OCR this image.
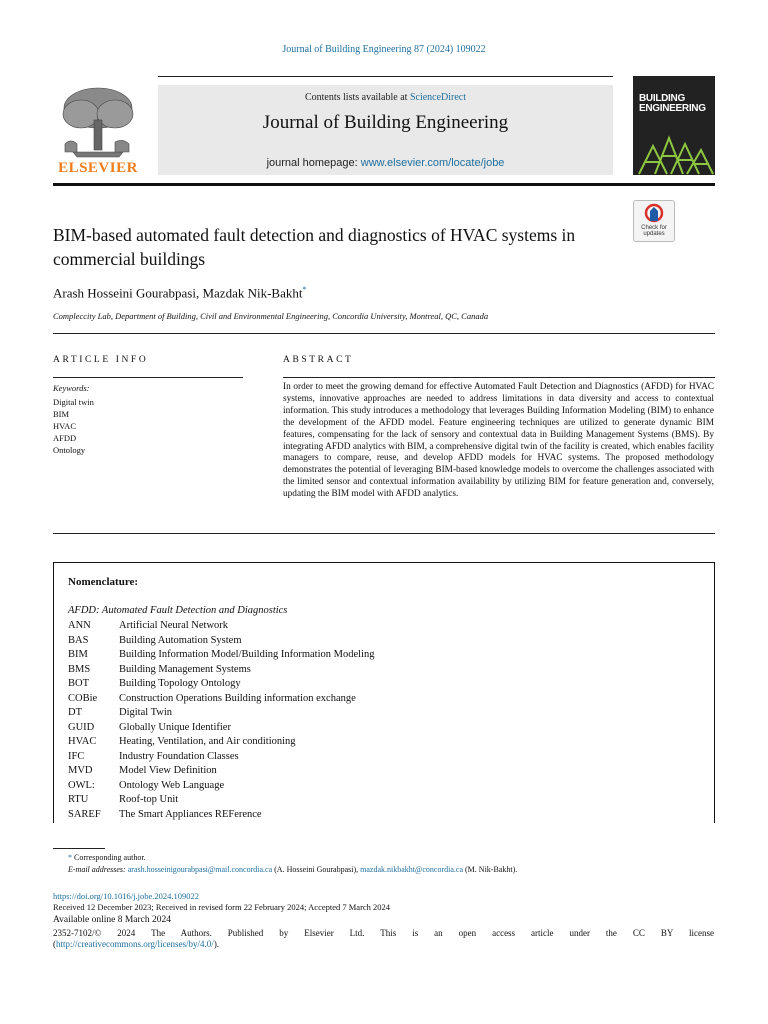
Journal of Building Engineering 87 (2024) 109022
ELSEVIER
Contents lists available at ScienceDirect
Journal of Building Engineering
journal homepage: www.elsevier.com/locate/jobe
BUILDING
ENGINEERING
Check for updates
BIM-based automated fault detection and diagnostics of HVAC systems in commercial buildings
Arash Hosseini Gourabpasi, Mazdak Nik-Bakht*
Compleccity Lab, Department of Building, Civil and Environmental Engineering, Concordia University, Montreal, QC, Canada
ARTICLE INFO
Keywords:
Digital twin
BIM
HVAC
AFDD
Ontology
ABSTRACT
In order to meet the growing demand for effective Automated Fault Detection and Diagnostics (AFDD) for HVAC systems, innovative approaches are needed to address limitations in data diversity and access to contextual information. This study introduces a methodology that leverages Building Information Modeling (BIM) to enhance the development of the AFDD model. Feature engineering techniques are utilized to generate dynamic BIM features, compensating for the lack of sensory and contextual data in Building Management Systems (BMS). By integrating AFDD analytics with BIM, a comprehensive digital twin of the facility is created, which enables facility managers to compare, reuse, and develop AFDD models for HVAC systems. The proposed methodology demonstrates the potential of leveraging BIM-based knowledge models to overcome the challenges associated with the limited sensor and contextual information availability by utilizing BIM for feature generation and, conversely, updating the BIM model with AFDD analytics.
Nomenclature:
AFDD: Automated Fault Detection and Diagnostics
ANN	Artificial Neural Network
BAS	Building Automation System
BIM	Building Information Model/Building Information Modeling
BMS	Building Management Systems
BOT	Building Topology Ontology
COBie	Construction Operations Building information exchange
DT	Digital Twin
GUID	Globally Unique Identifier
HVAC	Heating, Ventilation, and Air conditioning
IFC	Industry Foundation Classes
MVD	Model View Definition
OWL:	Ontology Web Language
RTU	Roof-top Unit
SAREF	The Smart Appliances REFerence
* Corresponding author.
E-mail addresses: arash.hosseinigourabpasi@mail.concordia.ca (A. Hosseini Gourabpasi), mazdak.nikbakht@concordia.ca (M. Nik-Bakht).
https://doi.org/10.1016/j.jobe.2024.109022
Received 12 December 2023; Received in revised form 22 February 2024; Accepted 7 March 2024
Available online 8 March 2024
2352-7102/© 2024 The Authors. Published by Elsevier Ltd. This is an open access article under the CC BY license
(http://creativecommons.org/licenses/by/4.0/).
